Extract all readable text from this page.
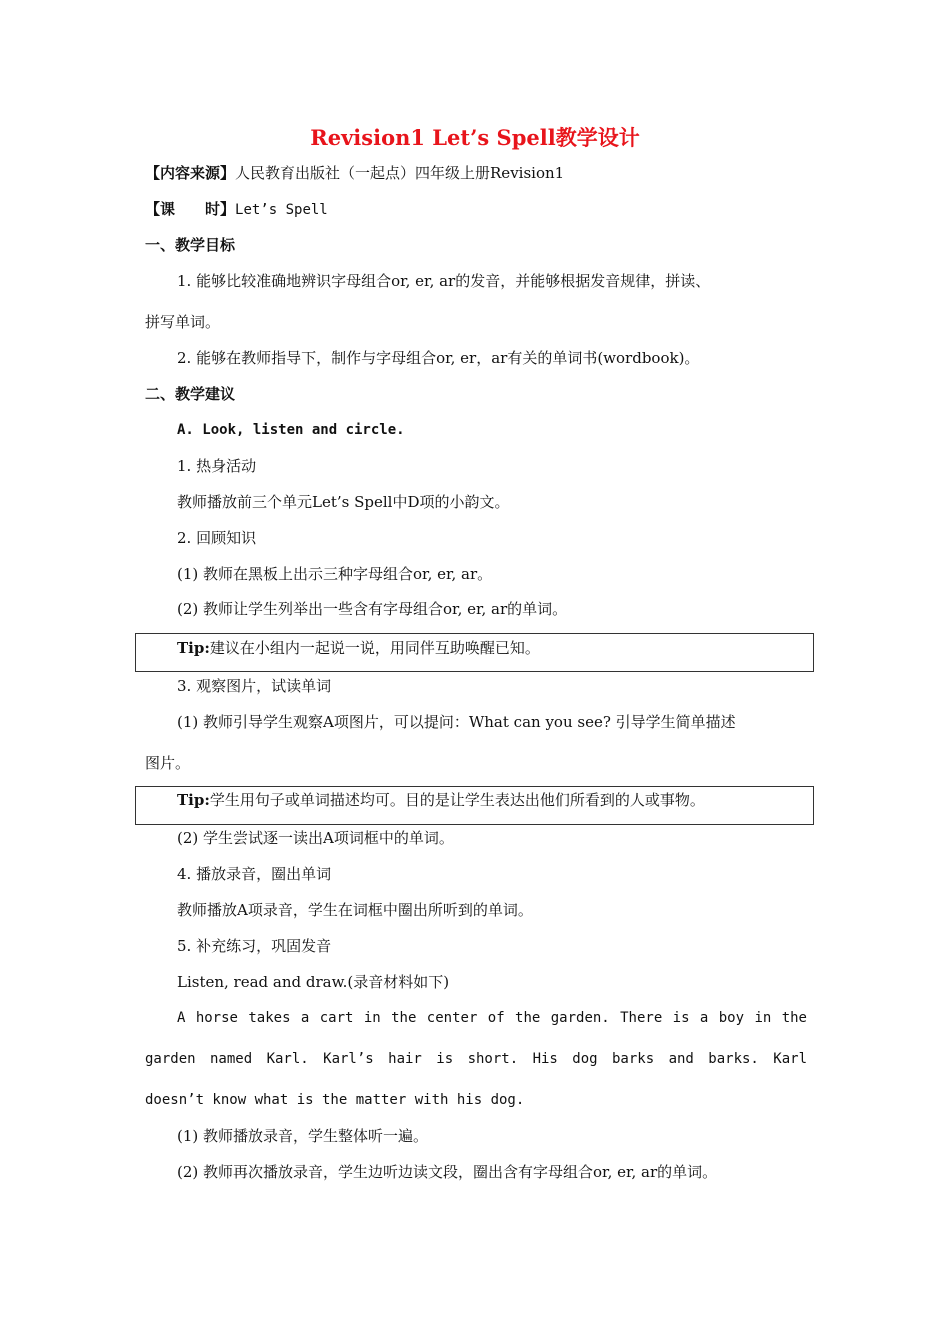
Revision1 Let’s Spell教学设计
【内容来源】人民教育出版社（一起点）四年级上册Revision1
【课　　时】Let’s Spell
一、教学目标
1. 能够比较准确地辨识字母组合or, er, ar的发音，并能够根据发音规律，拼读、
拼写单词。
2. 能够在教师指导下，制作与字母组合or, er，ar有关的单词书(wordbook)。
二、教学建议
A. Look, listen and circle.
1. 热身活动
教师播放前三个单元Let’s Spell中D项的小韵文。
2. 回顾知识
(1) 教师在黑板上出示三种字母组合or, er, ar。
(2) 教师让学生列举出一些含有字母组合or, er, ar的单词。
Tip:建议在小组内一起说一说，用同伴互助唤醒已知。
3. 观察图片，试读单词
(1) 教师引导学生观察A项图片，可以提问：What can you see? 引导学生简单描述
图片。
Tip:学生用句子或单词描述均可。目的是让学生表达出他们所看到的人或事物。
(2) 学生尝试逐一读出A项词框中的单词。
4. 播放录音，圈出单词
教师播放A项录音，学生在词框中圈出所听到的单词。
5. 补充练习，巩固发音
Listen, read and draw.(录音材料如下)
A horse takes a cart in the center of the garden. There is a boy in the
garden named Karl. Karl’s hair is short. His dog barks and barks. Karl
doesn’t know what is the matter with his dog.
(1) 教师播放录音，学生整体听一遍。
(2) 教师再次播放录音，学生边听边读文段，圈出含有字母组合or, er, ar的单词。
